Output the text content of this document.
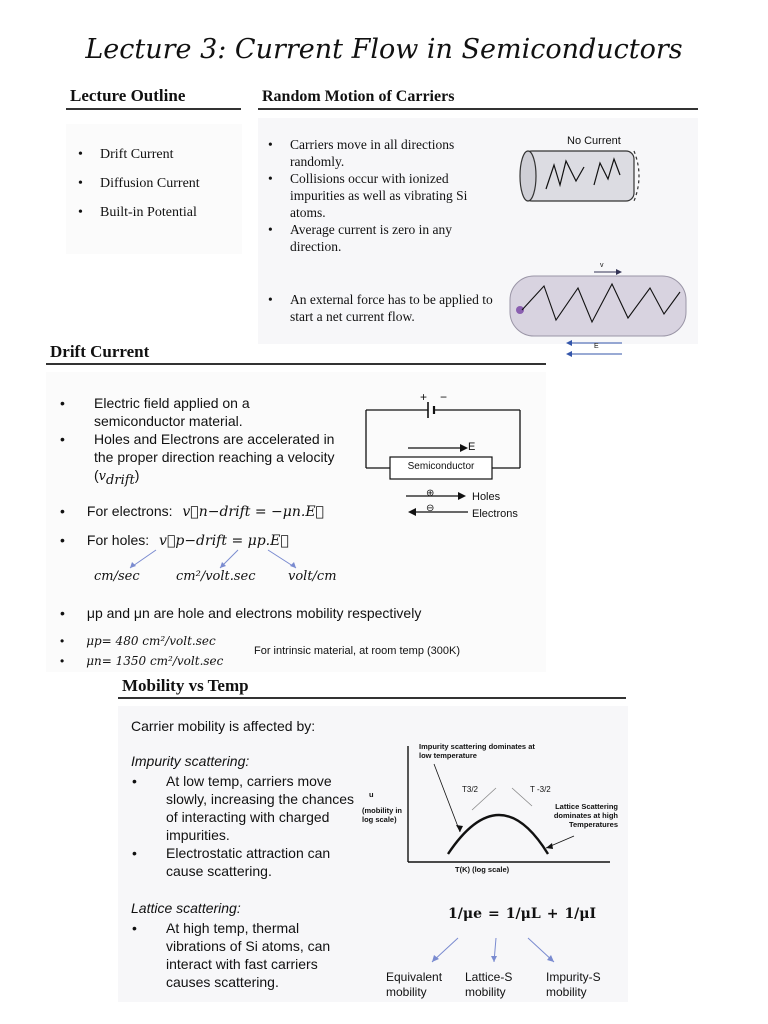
Lecture 3: Current Flow in Semiconductors
Lecture Outline
• Drift Current
• Diffusion Current
• Built-in Potential
Random Motion of Carriers
• Carriers move in all directions randomly.
• Collisions occur with ionized impurities as well as vibrating Si atoms.
• Average current is zero in any direction.
• An external force has to be applied to start a net current flow.
No Current
v
E
Drift Current
• Electric field applied on a semiconductor material.
• Holes and Electrons are accelerated in the proper direction reaching a velocity $(v_{drift})$
• For electrons: v⃗n−drift = −μn.E⃗
• For holes: v⃗p−drift = μp.E⃗
cm/sec	cm²/volt.sec volt/cm
+ −
E
Semiconductor
⊕
⊖
Holes
Electrons
• μp and μn are hole and electrons mobility respectively
• μp= 480 cm²/volt.sec
• μn= 1350 cm²/volt.sec
For intrinsic material, at room temp (300K)
Mobility vs Temp
Carrier mobility is affected by:
Impurity scattering:
• At low temp, carriers move slowly, increasing the chances of interacting with charged impurities.
• Electrostatic attraction can cause scattering.
Lattice scattering:
• At high temp, thermal vibrations of Si atoms, can interact with fast carriers causes scattering.
Impurity scattering dominates at low temperature
u
(mobility in log scale)
T3/2	T -3/2
Lattice Scattering dominates at high Temperatures
T(K) (log scale)
1/μe = 1/μL + 1/μI
Equivalent mobility
Lattice-S mobility
Impurity-S mobility
